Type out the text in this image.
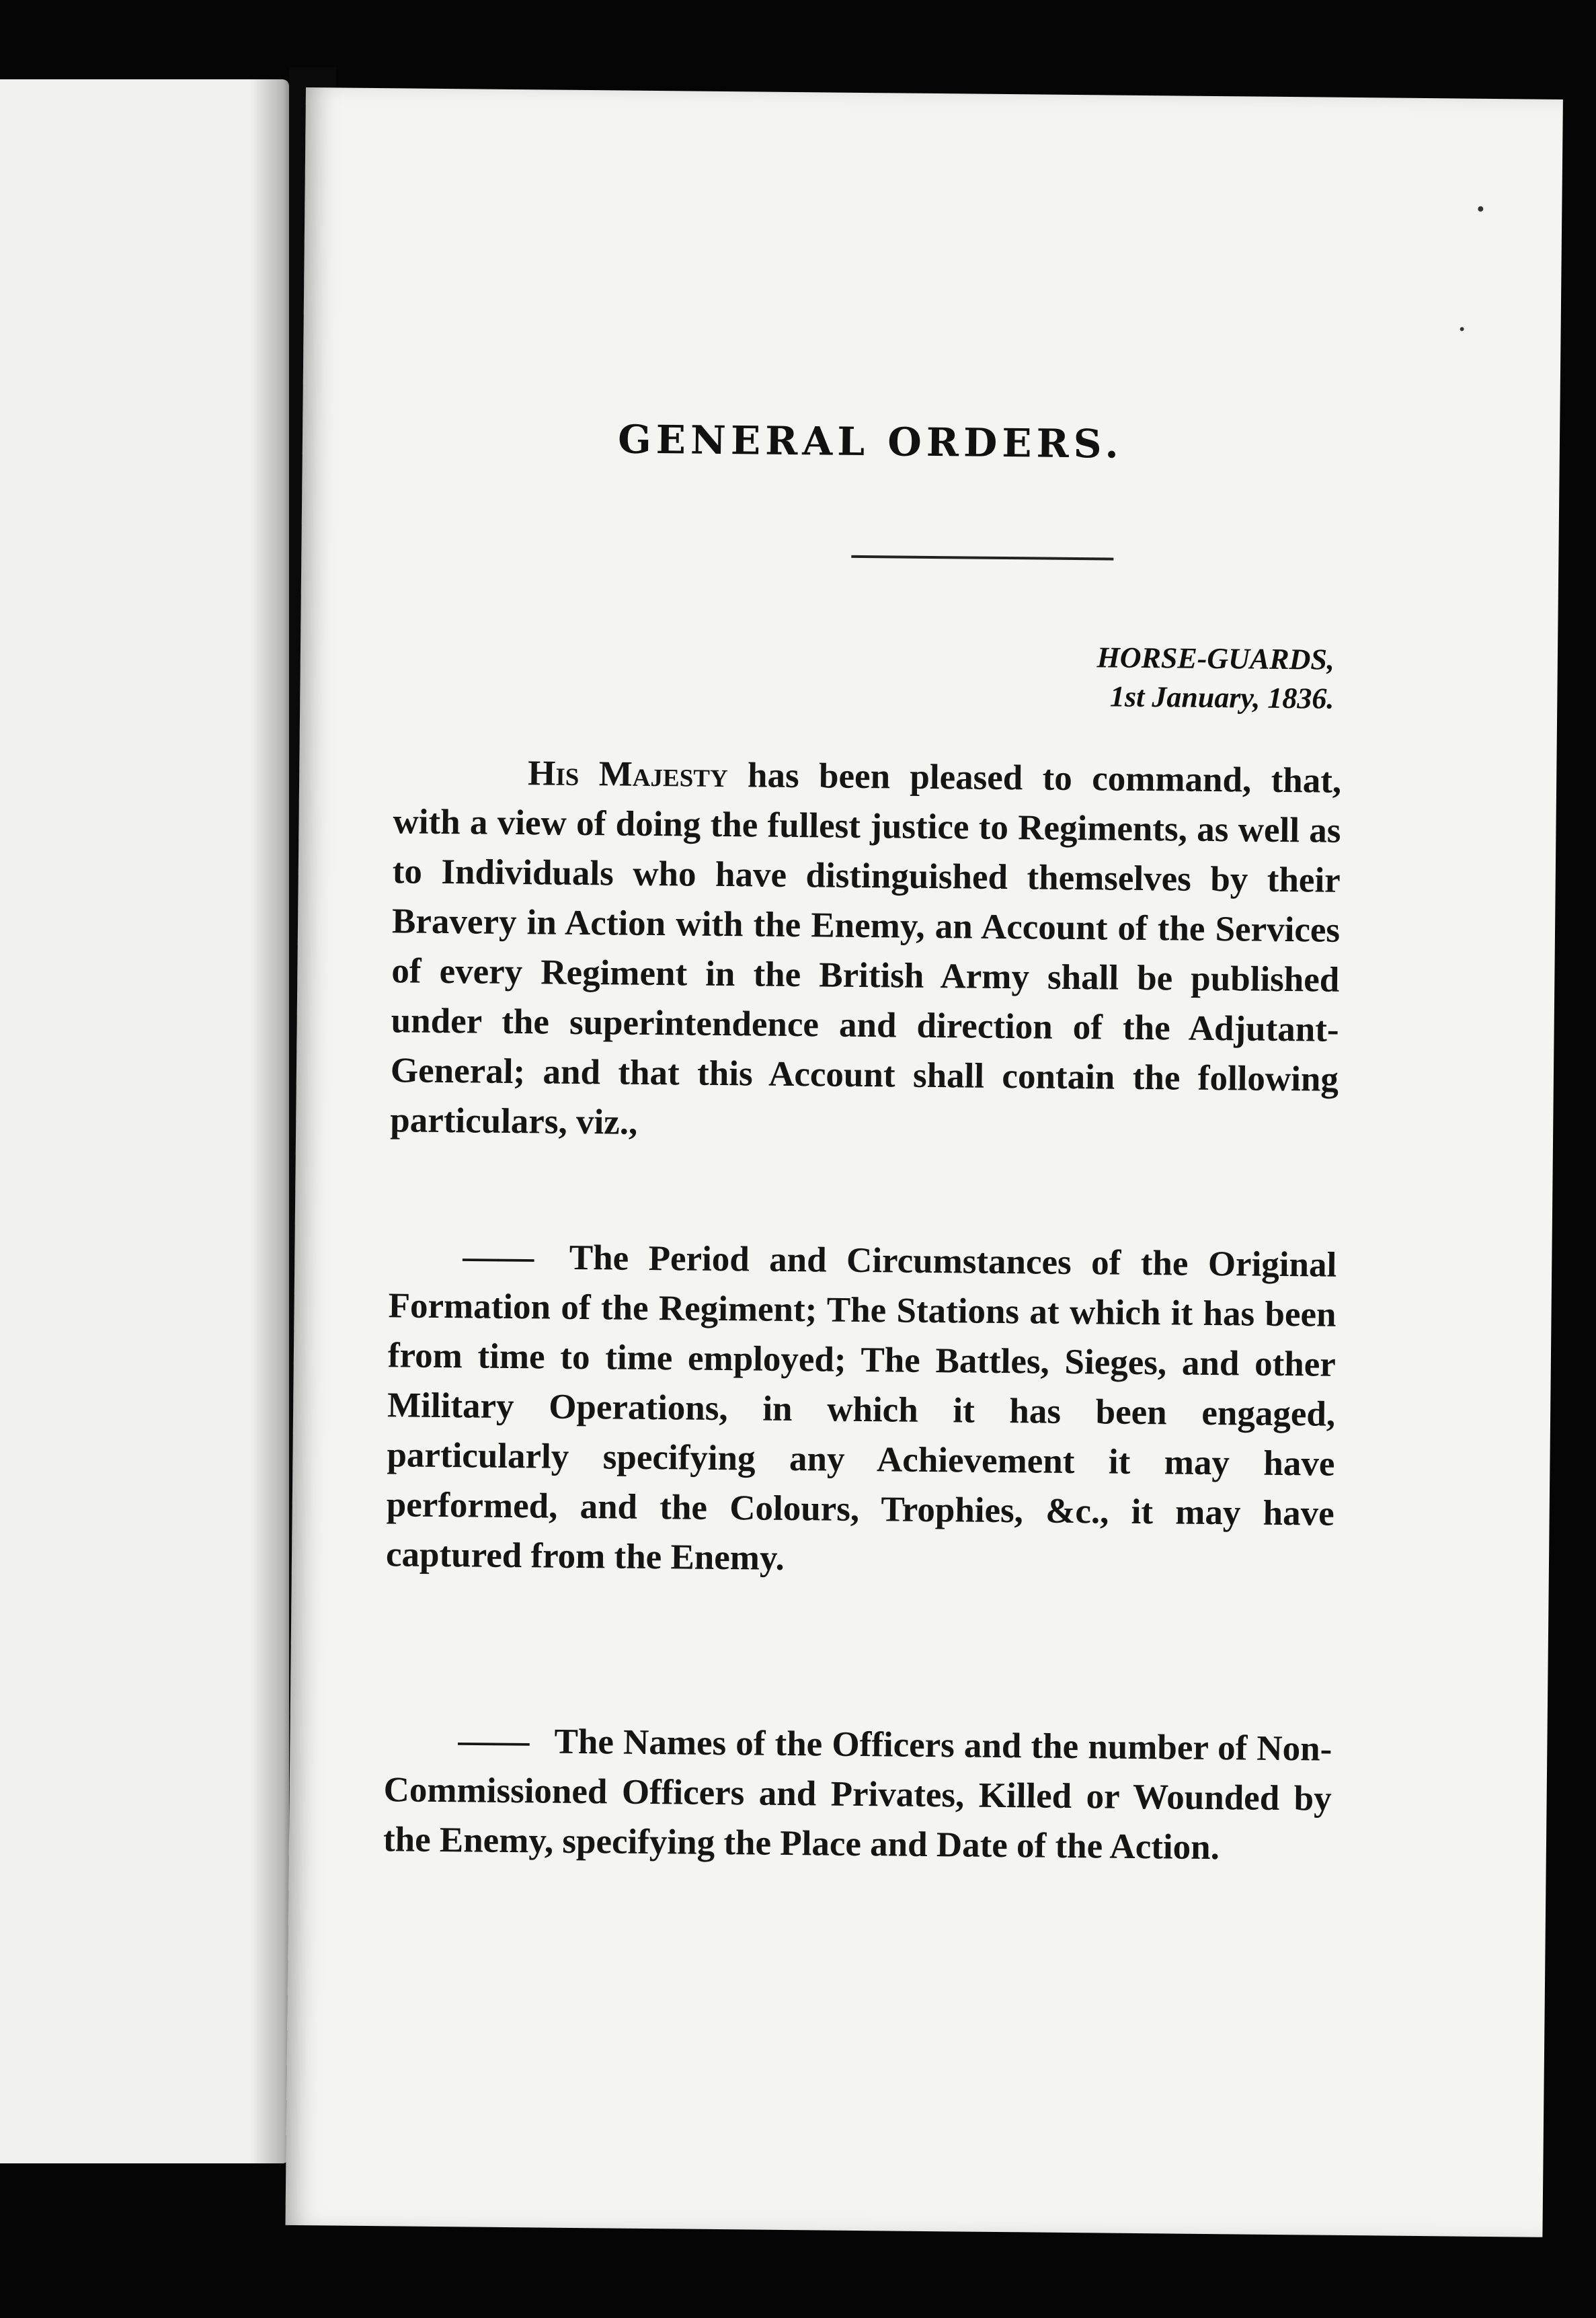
GENERAL ORDERS.
HORSE-GUARDS,
1st January, 1836.

His Majesty has been pleased to command, that, with a view of doing the fullest justice to Regiments, as well as to Individuals who have distinguished themselves by their Bravery in Action with the Enemy, an Account of the Services of every Regiment in the British Army shall be published under the superintendence and direction of the Adjutant-General; and that this Account shall contain the following particulars, viz.,

—— The Period and Circumstances of the Original Formation of the Regiment; The Stations at which it has been from time to time employed; The Battles, Sieges, and other Military Operations, in which it has been engaged, particularly specifying any Achievement it may have performed, and the Colours, Trophies, &c., it may have captured from the Enemy.

—— The Names of the Officers and the number of Non-Commissioned Officers and Privates, Killed or Wounded by the Enemy, specifying the Place and Date of the Action.
